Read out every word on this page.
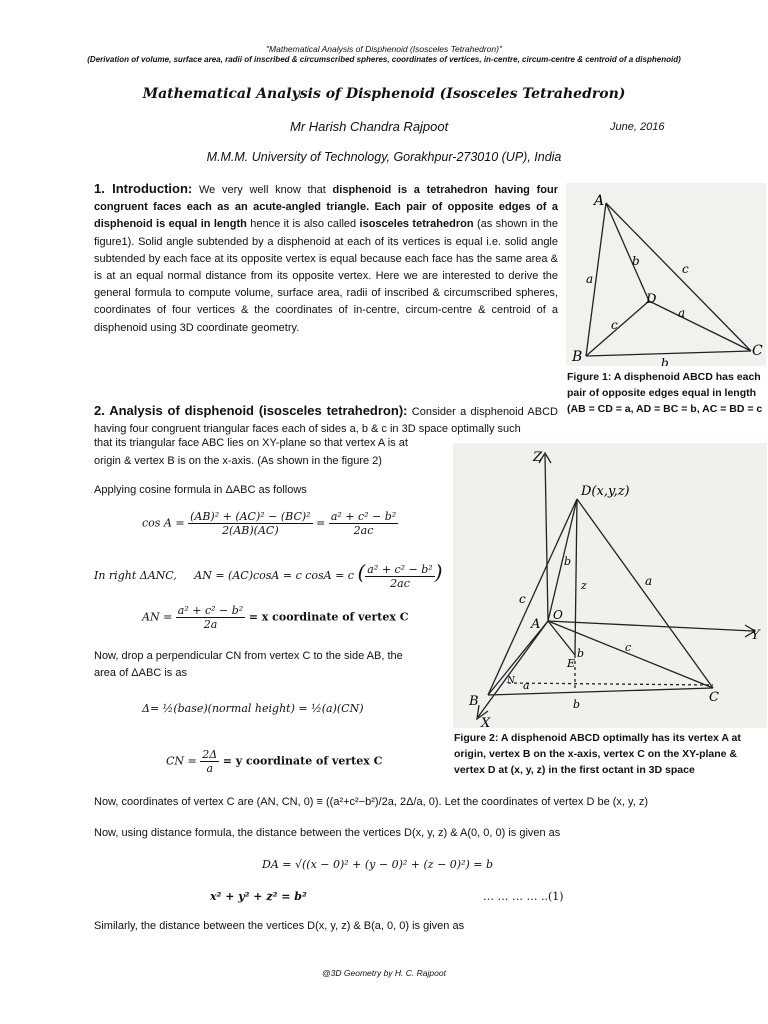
"Mathematical Analysis of Disphenoid (Isosceles Tetrahedron)"
(Derivation of volume, surface area, radii of inscribed & circumscribed spheres, coordinates of vertices, in-centre, circum-centre & centroid of a disphenoid)
Mathematical Analysis of Disphenoid (Isosceles Tetrahedron)
Mr Harish Chandra Rajpoot	June, 2016
M.M.M. University of Technology, Gorakhpur-273010 (UP), India
1. Introduction: We very well know that disphenoid is a tetrahedron having four congruent faces each as an acute-angled triangle. Each pair of opposite edges of a disphenoid is equal in length hence it is also called isosceles tetrahedron (as shown in the figure1). Solid angle subtended by a disphenoid at each of its vertices is equal i.e. solid angle subtended by each face at its opposite vertex is equal because each face has the same area & is at an equal normal distance from its opposite vertex. Here we are interested to derive the general formula to compute volume, surface area, radii of inscribed & circumscribed spheres, coordinates of four vertices & the coordinates of in-centre, circum-centre & centroid of a disphenoid using 3D coordinate geometry.
A
B	C
D
a
a
b
b
c
c
Figure 1: A disphenoid ABCD has each pair of opposite edges equal in length (AB = CD = a, AD = BC = b, AC = BD = c
2. Analysis of disphenoid (isosceles tetrahedron): Consider a disphenoid ABCD having four congruent triangular faces each of sides a, b & c in 3D space optimally such
that its triangular face ABC lies on XY-plane so that vertex A is at
origin & vertex B is on the x-axis. (As shown in the figure 2)	Z
Y
X
D(x,y,z)
A
O
B	C
E
N a
a
b
b
b
c
c
z
Figure 2: A disphenoid ABCD optimally has its vertex A at origin, vertex B on the x-axis, vertex C on the XY-plane & vertex D at (x, y, z) in the first octant in 3D space
Applying cosine formula in ΔABC as follows
$\cos A = \frac{\text{(AB)² + (AC)² − (BC)²}}{2(AB)(AC)} = \frac{\text{a² + c² − b²}}{2ac}$
In right ΔANC, AN = (AC)cosA = c cosA = c ( $\frac{\text{a² + c² − b²}}{2ac}$ )
AN = $\frac{\text{a² + c² − b²}}{2a} = x$ coordinate of vertex C
Now, drop a perpendicular CN from vertex C to the side AB, the
area of ΔABC is as
Δ= ½(base)(normal height) = ½(a)(CN)
CN = $\frac{2\Delta}{a} = y$ coordinate of vertex C
Now, coordinates of vertex C are (AN, CN, 0) ≡ ((a²+c²−b²)/2a, 2Δ/a, 0). Let the coordinates of vertex D be (x, y, z)
Now, using distance formula, the distance between the vertices D(x, y, z) & A(0, 0, 0) is given as
DA = √((x − 0)² + (y − 0)² + (z − 0)²) = b
x² + y² + z² = b²	… … … … ..(1)
Similarly, the distance between the vertices D(x, y, z) & B(a, 0, 0) is given as
@3D Geometry by H. C. Rajpoot
